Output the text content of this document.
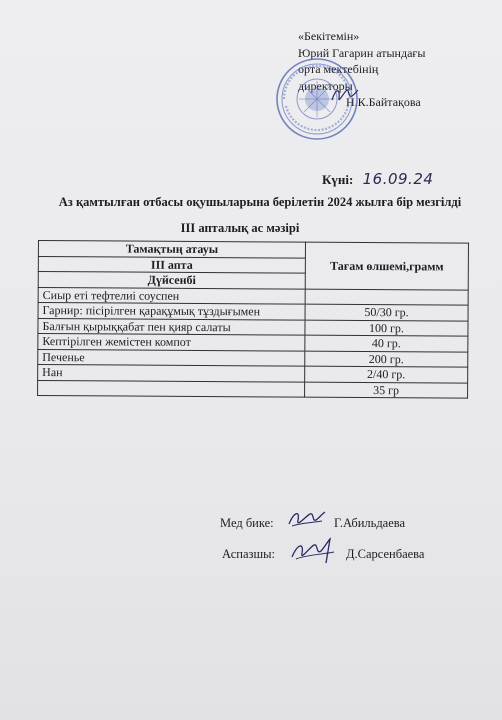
«Бекітемін»
Юрий Гагарин атындағы
орта мектебінің
директоры
Н.К.Байтақова
Күні: 16.09.24
Аз қамтылған отбасы оқушыларына берілетін 2024 жылға бір мезгілді
III апталық ас мәзірі
Тамақтың атауы	Тағам өлшемі,грамм
III апта	
Дүйсенбі	
Сиыр еті тефтелиі соуспен	
Гарнир: пісірілген қарақұмық тұздығымен	50/30 гр.
Балғын қырыққабат пен қияр салаты	100 гр.
Кептірілген жемістен компот	40 гр.
Печенье	200 гр.
Нан	2/40 гр.
	35 гр
Мед бике:	Г.Абильдаева
Аспазшы:	Д.Сарсенбаева
